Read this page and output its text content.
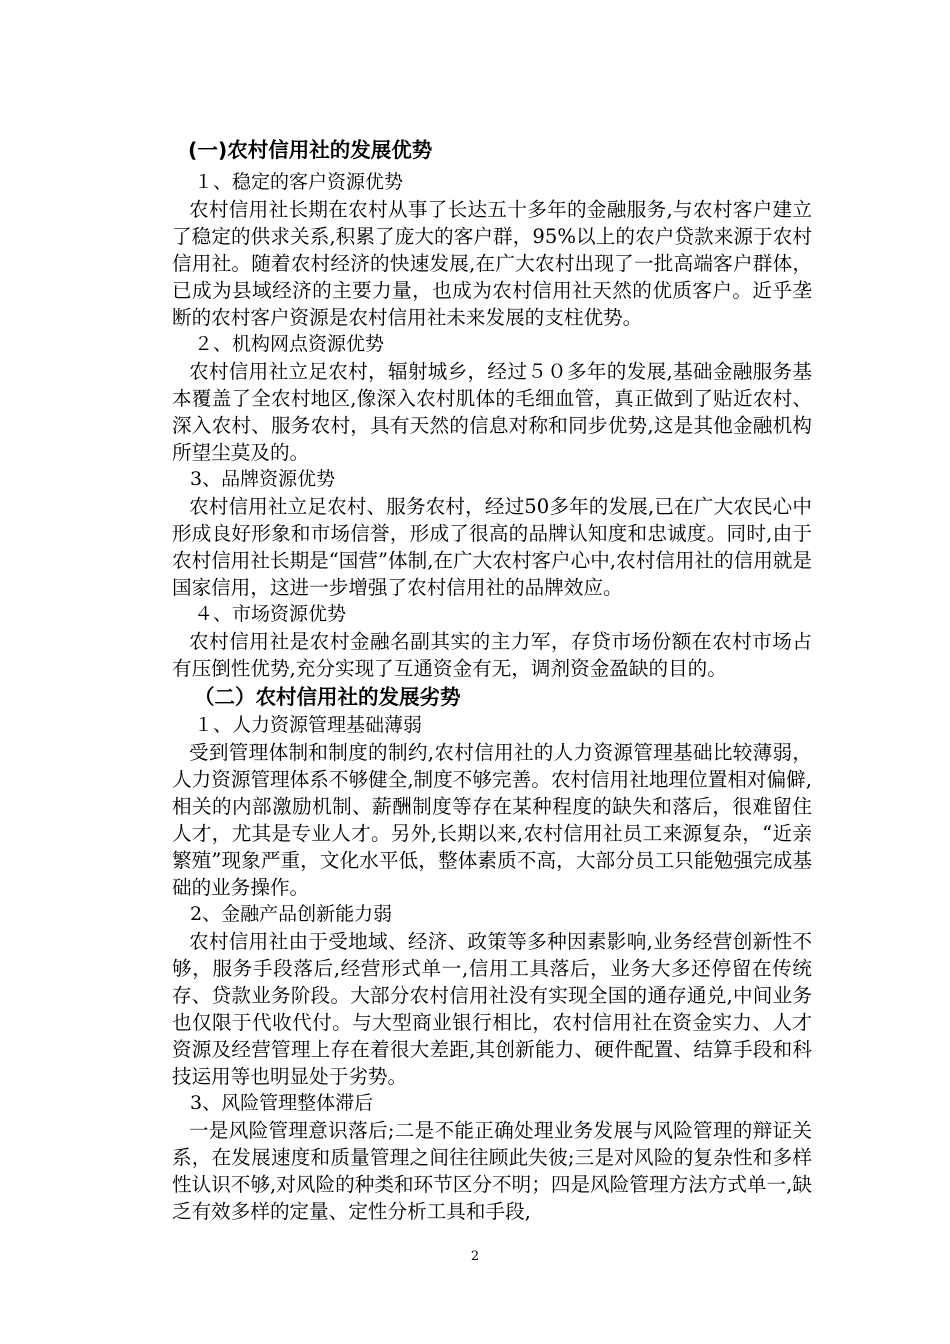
(一)农村信用社的发展优势
１、稳定的客户资源优势
农村信用社长期在农村从事了长达五十多年的金融服务,与农村客户建立了稳定的供求关系,积累了庞大的客户群，95%以上的农户贷款来源于农村信用社。随着农村经济的快速发展,在广大农村出现了一批高端客户群体，已成为县域经济的主要力量，也成为农村信用社天然的优质客户。近乎垄断的农村客户资源是农村信用社未来发展的支柱优势。
２、机构网点资源优势
农村信用社立足农村，辐射城乡，经过５０多年的发展,基础金融服务基本覆盖了全农村地区,像深入农村肌体的毛细血管，真正做到了贴近农村、深入农村、服务农村，具有天然的信息对称和同步优势,这是其他金融机构所望尘莫及的。
3、品牌资源优势
农村信用社立足农村、服务农村，经过50多年的发展,已在广大农民心中形成良好形象和市场信誉，形成了很高的品牌认知度和忠诚度。同时,由于农村信用社长期是“国营”体制,在广大农村客户心中,农村信用社的信用就是国家信用，这进一步增强了农村信用社的品牌效应。
４、市场资源优势
农村信用社是农村金融名副其实的主力军，存贷市场份额在农村市场占有压倒性优势,充分实现了互通资金有无，调剂资金盈缺的目的。
（二）农村信用社的发展劣势
１、人力资源管理基础薄弱
受到管理体制和制度的制约,农村信用社的人力资源管理基础比较薄弱，人力资源管理体系不够健全,制度不够完善。农村信用社地理位置相对偏僻,相关的内部激励机制、薪酬制度等存在某种程度的缺失和落后，很难留住人才，尤其是专业人才。另外,长期以来,农村信用社员工来源复杂，“近亲繁殖”现象严重，文化水平低，整体素质不高，大部分员工只能勉强完成基础的业务操作。
2、金融产品创新能力弱
农村信用社由于受地域、经济、政策等多种因素影响,业务经营创新性不够，服务手段落后,经营形式单一,信用工具落后，业务大多还停留在传统存、贷款业务阶段。大部分农村信用社没有实现全国的通存通兑,中间业务也仅限于代收代付。与大型商业银行相比，农村信用社在资金实力、人才资源及经营管理上存在着很大差距,其创新能力、硬件配置、结算手段和科技运用等也明显处于劣势。
3、风险管理整体滞后
一是风险管理意识落后;二是不能正确处理业务发展与风险管理的辩证关系，在发展速度和质量管理之间往往顾此失彼;三是对风险的复杂性和多样性认识不够,对风险的种类和环节区分不明；四是风险管理方法方式单一,缺乏有效多样的定量、定性分析工具和手段,
2
